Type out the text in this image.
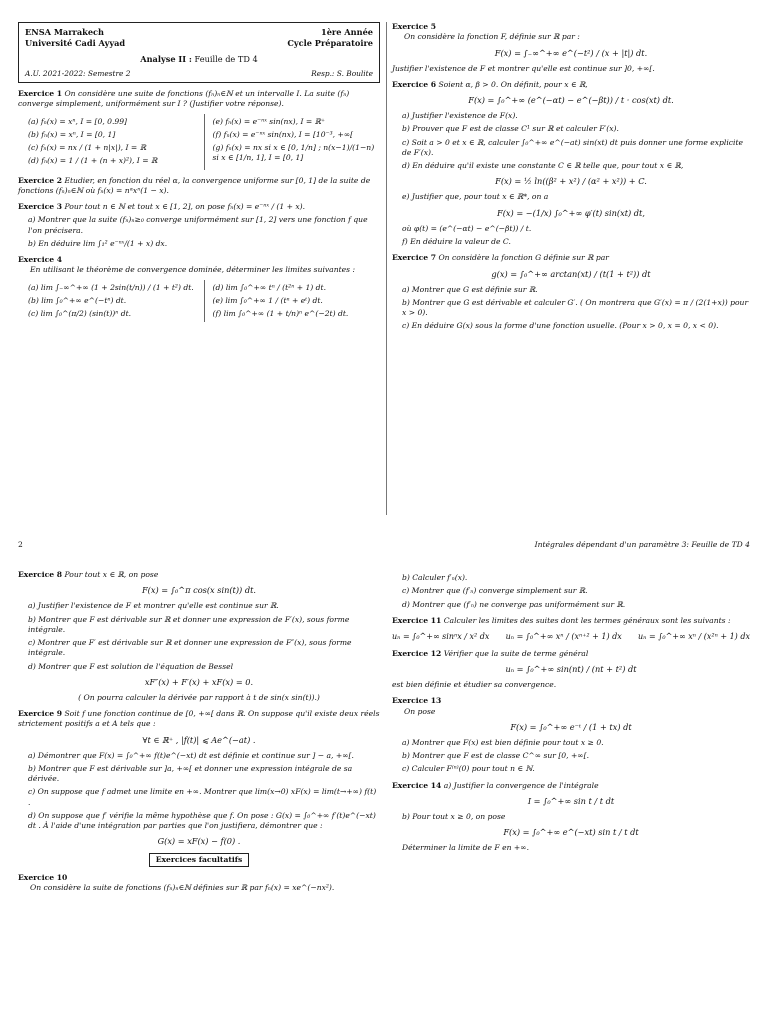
ENSA Marrakech	1ère Année
Université Cadi Ayyad	Cycle Préparatoire
Analyse II : Feuille de TD 4
A.U. 2021-2022: Semestre 2	Resp.: S. Boulite
Exercice 1 On considère une suite de fonctions (fₙ)ₙ∈ℕ et un intervalle I. La suite (fₙ) converge simplement, uniformément sur I ? (Justifier votre réponse).
(a) fₙ(x) = xⁿ, I = [0, 0.99]
(b) fₙ(x) = xⁿ, I = [0, 1]
(c) fₙ(x) = nx / (1 + n|x|), I = ℝ
(d) fₙ(x) = 1 / (1 + (n + x)²), I = ℝ
(e) fₙ(x) = e⁻ⁿˣ sin(nx), I = ℝ⁺
(f) fₙ(x) = e⁻ⁿˣ sin(nx), I = [10⁻³, +∞[
(g) fₙ(x) = nx si x ∈ [0, 1/n] ; n(x−1)/(1−n) si x ∈ [1/n, 1], I = [0, 1]
Exercice 2 Etudier, en fonction du réel α, la convergence uniforme sur [0, 1] de la suite de fonctions (fₙ)ₙ∈ℕ où fₙ(x) = nᵅxⁿ(1 − x).
Exercice 3 Pour tout n ∈ ℕ et tout x ∈ [1, 2], on pose fₙ(x) = e⁻ⁿˣ / (1 + x).
a) Montrer que la suite (fₙ)ₙ≥₀ converge uniformément sur [1, 2] vers une fonction f que l'on précisera.
b) En déduire lim ∫₁² e⁻ⁿˣ/(1 + x) dx.
Exercice 4
En utilisant le théorème de convergence dominée, déterminer les limites suivantes :
(a) lim ∫₋∞^+∞ (1 + 2sin(t/n)) / (1 + t²) dt.
(b) lim ∫₀^+∞ e^(−tⁿ) dt.
(c) lim ∫₀^(π/2) (sin(t))ⁿ dt.
(d) lim ∫₀^+∞ tⁿ / (t²ⁿ + 1) dt.
(e) lim ∫₀^+∞ 1 / (tⁿ + eᵗ) dt.
(f) lim ∫₀^+∞ (1 + t/n)ⁿ e^(−2t) dt.
Exercice 5
On considère la fonction F, définie sur ℝ par :
F(x) = ∫₋∞^+∞ e^(−t²) / (x + |t|) dt.
Justifier l'existence de F et montrer qu'elle est continue sur ]0, +∞[.
Exercice 6 Soient α, β > 0. On définit, pour x ∈ ℝ,
F(x) = ∫₀^+∞ (e^(−αt) − e^(−βt)) / t · cos(xt) dt.
a) Justifier l'existence de F(x).
b) Prouver que F est de classe C¹ sur ℝ et calculer F′(x).
c) Soit a > 0 et x ∈ ℝ, calculer ∫₀^+∞ e^(−at) sin(xt) dt puis donner une forme explicite de F′(x).
d) En déduire qu'il existe une constante C ∈ ℝ telle que, pour tout x ∈ ℝ,
F(x) = ½ ln((β² + x²) / (α² + x²)) + C.
e) Justifier que, pour tout x ∈ ℝ*, on a
F(x) = −(1/x) ∫₀^+∞ φ′(t) sin(xt) dt,
où φ(t) = (e^(−αt) − e^(−βt)) / t.
f) En déduire la valeur de C.
Exercice 7 On considère la fonction G définie sur ℝ par
g(x) = ∫₀^+∞ arctan(xt) / (t(1 + t²)) dt
a) Montrer que G est définie sur ℝ.
b) Montrer que G est dérivable et calculer G′. ( On montrera que G′(x) = π / (2(1+x)) pour x > 0).
c) En déduire G(x) sous la forme d'une fonction usuelle. (Pour x > 0, x = 0, x < 0).
2	Intégrales dépendant d'un paramètre 3: Feuille de TD 4
Exercice 8 Pour tout x ∈ ℝ, on pose
F(x) = ∫₀^π cos(x sin(t)) dt.
a) Justifier l'existence de F et montrer qu'elle est continue sur ℝ.
b) Montrer que F est dérivable sur ℝ et donner une expression de F′(x), sous forme intégrale.
c) Montrer que F′ est dérivable sur ℝ et donner une expression de F″(x), sous forme intégrale.
d) Montrer que F est solution de l'équation de Bessel
xF″(x) + F′(x) + xF(x) = 0.
( On pourra calculer la dérivée par rapport à t de sin(x sin(t)).)
Exercice 9 Soit f une fonction continue de [0, +∞[ dans ℝ. On suppose qu'il existe deux réels strictement positifs a et A tels que :
∀t ∈ ℝ⁺ , |f(t)| ⩽ Ae^(−at) .
a) Démontrer que F(x) = ∫₀^+∞ f(t)e^(−xt) dt est définie et continue sur ] − a, +∞[.
b) Montrer que F est dérivable sur ]a, +∞[ et donner une expression intégrale de sa dérivée.
c) On suppose que f admet une limite en +∞. Montrer que lim(x→0) xF(x) = lim(t→+∞) f(t) .
d) On suppose que f′ vérifie la même hypothèse que f. On pose : G(x) = ∫₀^+∞ f′(t)e^(−xt) dt . À l'aide d'une intégration par parties que l'on justifiera, démontrer que :
G(x) = xF(x) − f(0) .
Exercices facultatifs
Exercice 10
On considère la suite de fonctions (fₙ)ₙ∈ℕ définies sur ℝ par fₙ(x) = xe^(−nx²).
b) Calculer f′ₙ(x).
c) Montrer que (f′ₙ) converge simplement sur ℝ.
d) Montrer que (f′ₙ) ne converge pas uniformément sur ℝ.
Exercice 11 Calculer les limites des suites dont les termes généraux sont les suivants :
uₙ = ∫₀^+∞ sinⁿx / x² dx uₙ = ∫₀^+∞ xⁿ / (xⁿ⁺² + 1) dx uₙ = ∫₀^+∞ xⁿ / (x²ⁿ + 1) dx
Exercice 12 Vérifier que la suite de terme général
uₙ = ∫₀^+∞ sin(nt) / (nt + t²) dt
est bien définie et étudier sa convergence.
Exercice 13
On pose
F(x) = ∫₀^+∞ e⁻ᵗ / (1 + tx) dt
a) Montrer que F(x) est bien définie pour tout x ≥ 0.
b) Montrer que F est de classe C^∞ sur [0, +∞[.
c) Calculer F⁽ⁿ⁾(0) pour tout n ∈ ℕ.
Exercice 14 a) Justifier la convergence de l'intégrale
I = ∫₀^+∞ sin t / t dt
b) Pour tout x ≥ 0, on pose
F(x) = ∫₀^+∞ e^(−xt) sin t / t dt
Déterminer la limite de F en +∞.
